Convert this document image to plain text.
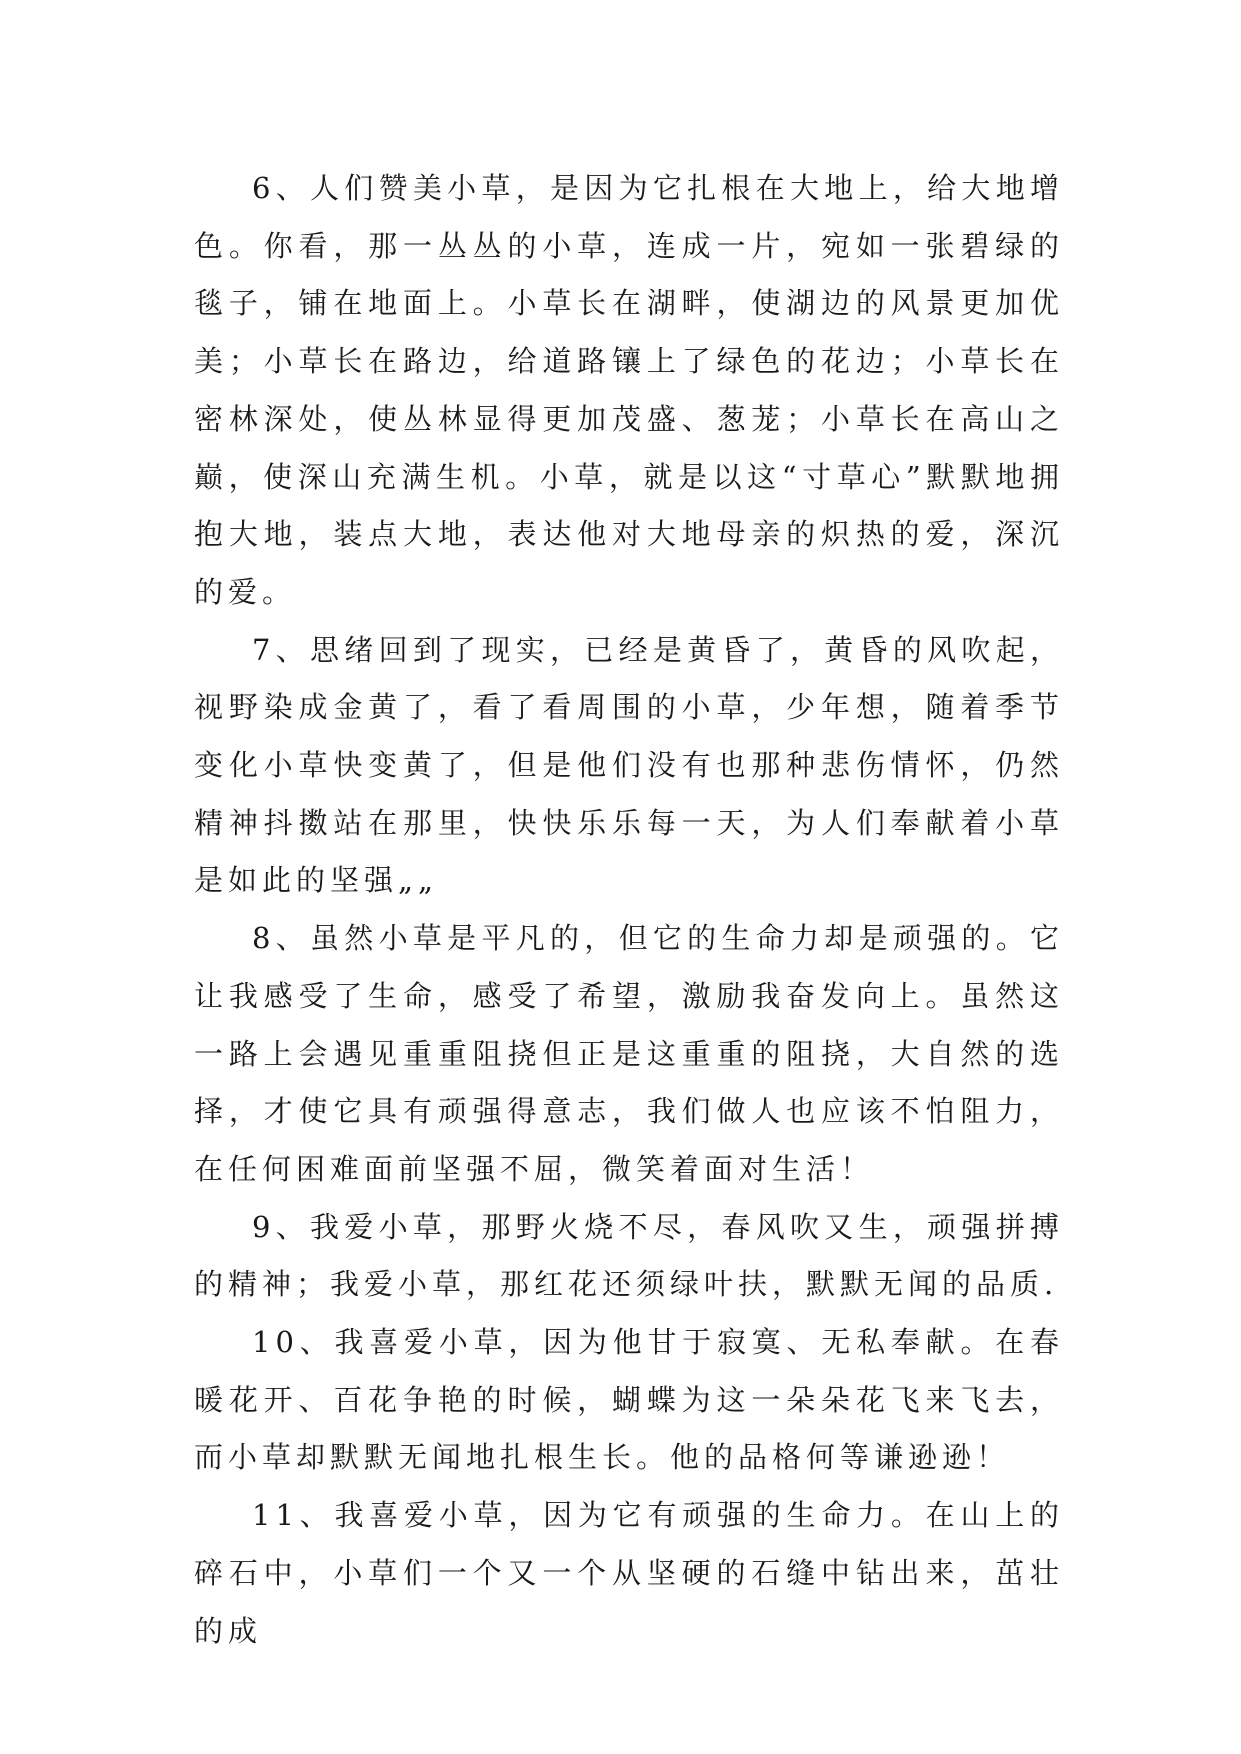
6、人们赞美小草，是因为它扎根在大地上，给大地增色。你看，那一丛丛的小草，连成一片，宛如一张碧绿的毯子，铺在地面上。小草长在湖畔，使湖边的风景更加优美；小草长在路边，给道路镶上了绿色的花边；小草长在密林深处，使丛林显得更加茂盛、葱茏；小草长在高山之巅，使深山充满生机。小草，就是以这“寸草心”默默地拥抱大地，装点大地，表达他对大地母亲的炽热的爱，深沉的爱。

7、思绪回到了现实，已经是黄昏了，黄昏的风吹起，视野染成金黄了，看了看周围的小草，少年想，随着季节变化小草快变黄了，但是他们没有也那种悲伤情怀，仍然精神抖擞站在那里，快快乐乐每一天，为人们奉献着小草是如此的坚强„„

8、虽然小草是平凡的，但它的生命力却是顽强的。它让我感受了生命，感受了希望，激励我奋发向上。虽然这一路上会遇见重重阻挠但正是这重重的阻挠，大自然的选择，才使它具有顽强得意志，我们做人也应该不怕阻力，在任何困难面前坚强不屈，微笑着面对生活！

9、我爱小草，那野火烧不尽，春风吹又生，顽强拼搏的精神；我爱小草，那红花还须绿叶扶，默默无闻的品质.

10、我喜爱小草，因为他甘于寂寞、无私奉献。在春暖花开、百花争艳的时候，蝴蝶为这一朵朵花飞来飞去，而小草却默默无闻地扎根生长。他的品格何等谦逊逊！

11、我喜爱小草，因为它有顽强的生命力。在山上的碎石中，小草们一个又一个从坚硬的石缝中钻出来，茁壮的成
